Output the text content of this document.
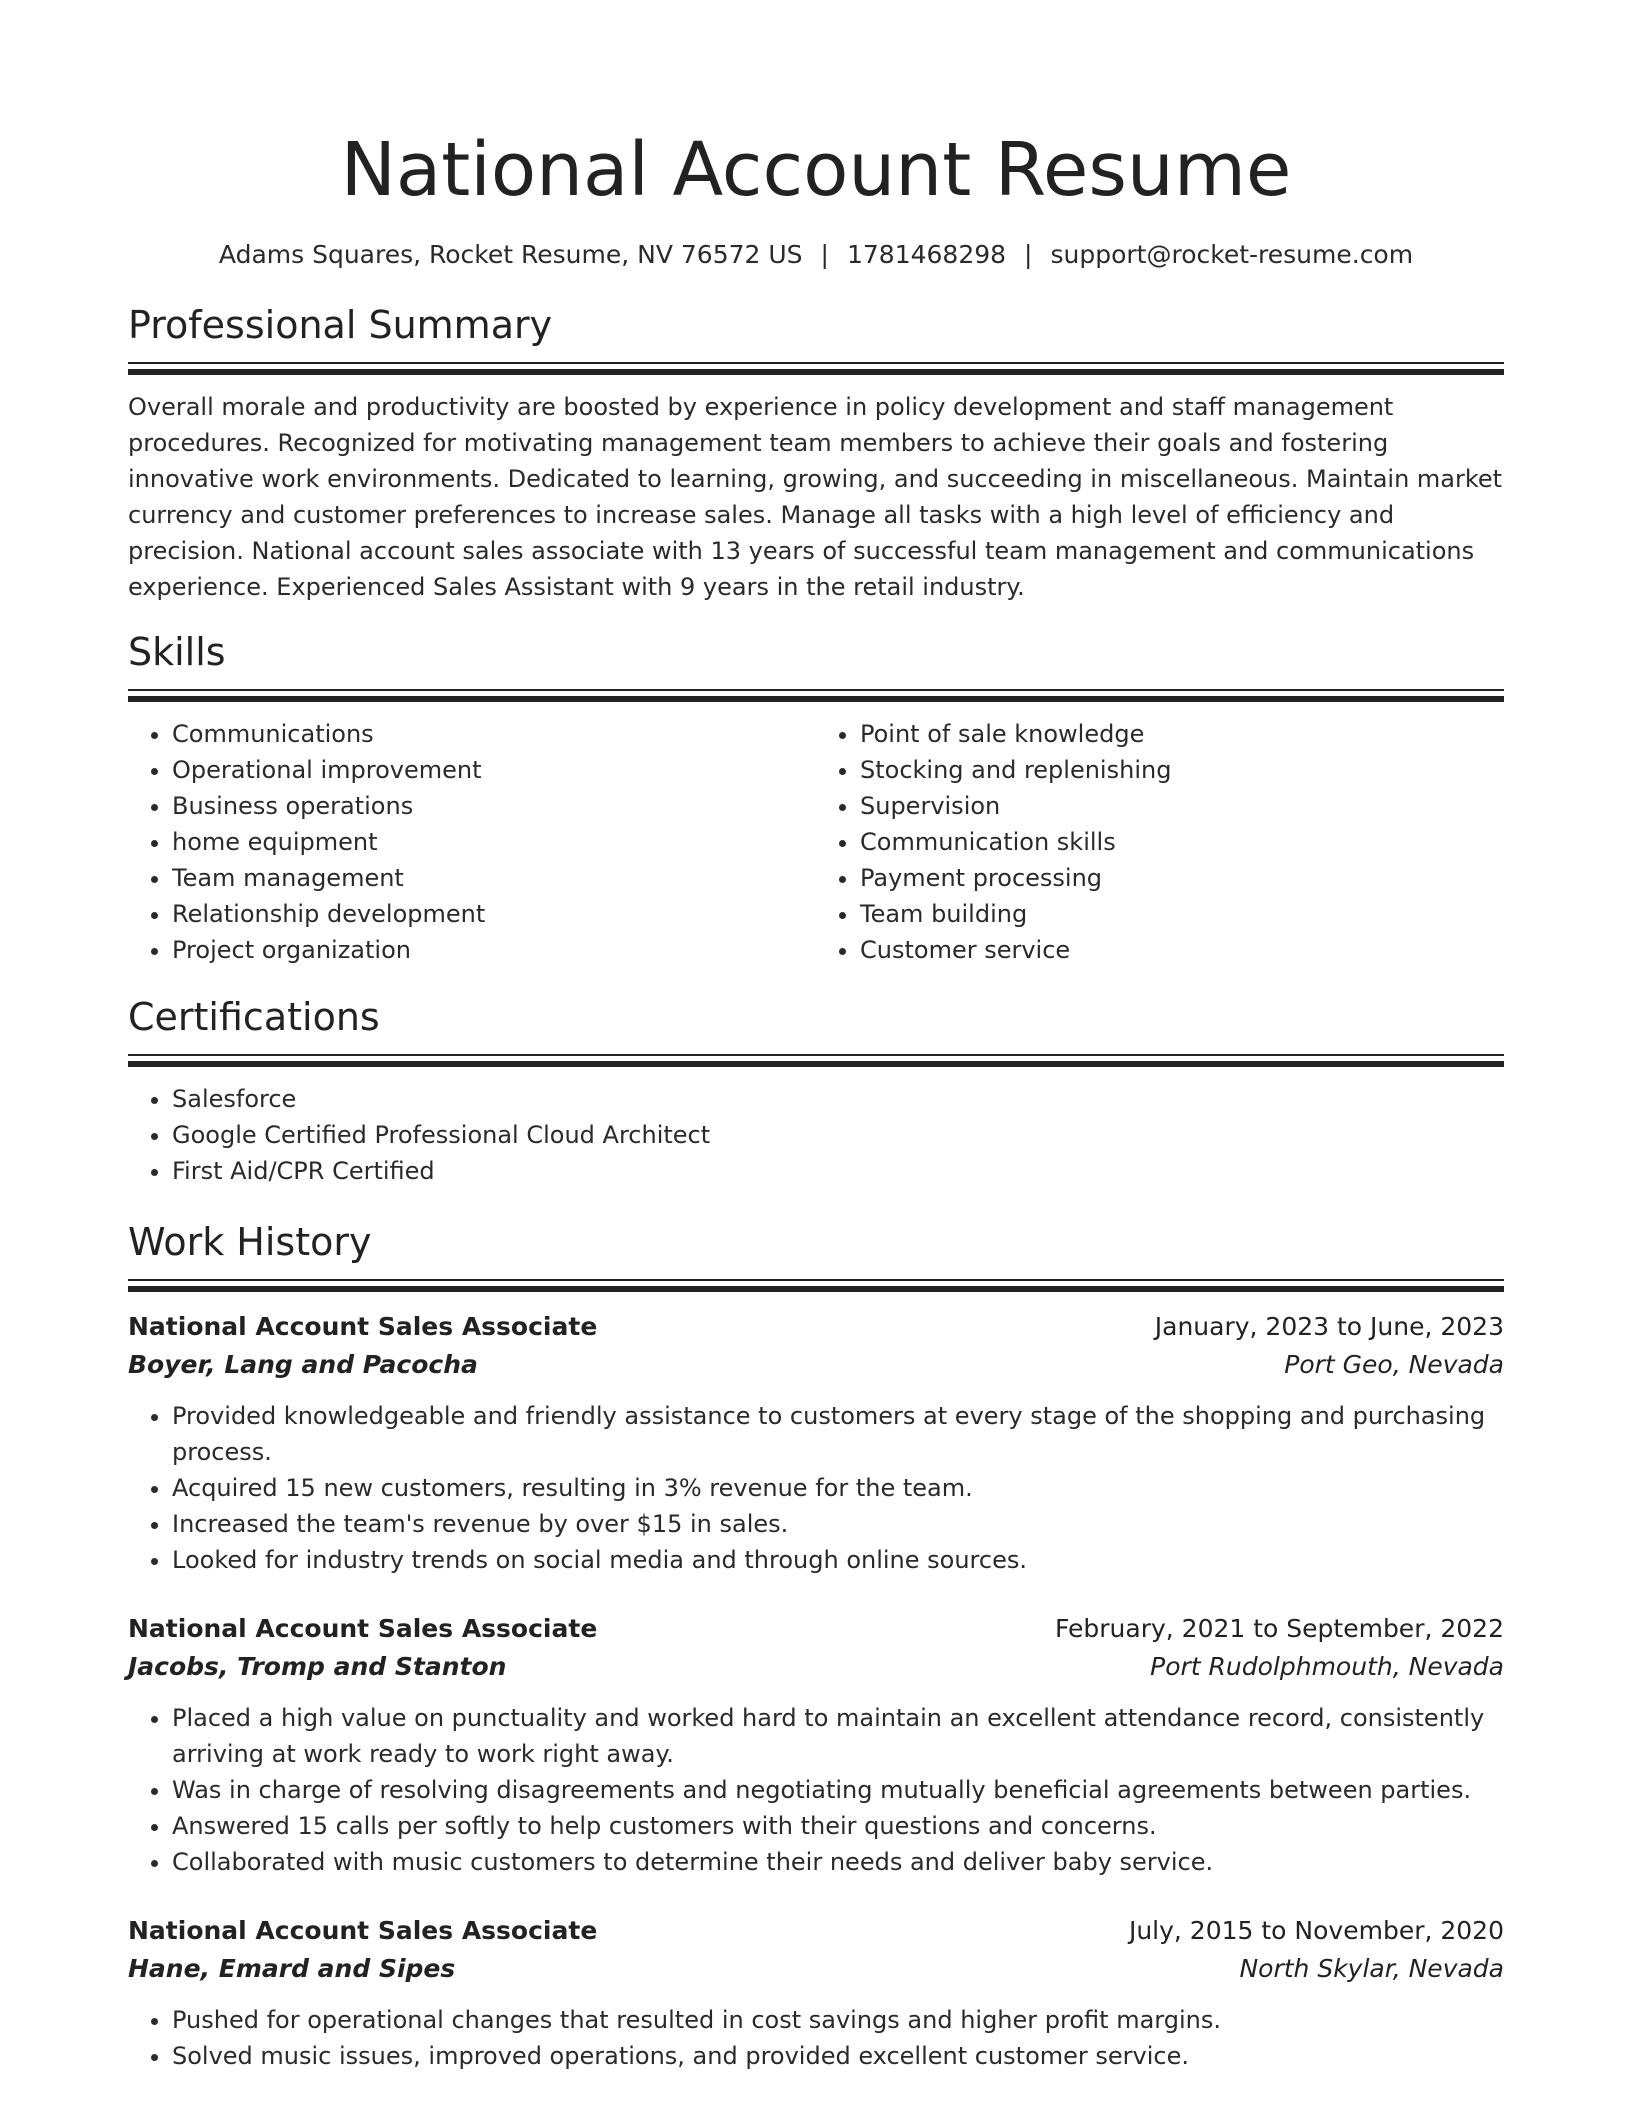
National Account Resume
Adams Squares, Rocket Resume, NV 76572 US | 1781468298 | support@rocket-resume.com
Professional Summary

Overall morale and productivity are boosted by experience in policy development and staff management procedures. Recognized for motivating management team members to achieve their goals and fostering innovative work environments. Dedicated to learning, growing, and succeeding in miscellaneous. Maintain market currency and customer preferences to increase sales. Manage all tasks with a high level of efficiency and precision. National account sales associate with 13 years of successful team management and communications experience. Experienced Sales Assistant with 9 years in the retail industry.

Skills
• Communications
• Operational improvement
• Business operations
• home equipment
• Team management
• Relationship development
• Project organization
• Point of sale knowledge
• Stocking and replenishing
• Supervision
• Communication skills
• Payment processing
• Team building
• Customer service
Certifications
• Salesforce
• Google Certified Professional Cloud Architect
• First Aid/CPR Certified
Work History
National Account Sales Associate	January, 2023 to June, 2023
Boyer, Lang and Pacocha	Port Geo, Nevada
• Provided knowledgeable and friendly assistance to customers at every stage of the shopping and purchasing process.
• Acquired 15 new customers, resulting in 3% revenue for the team.
• Increased the team's revenue by over $15 in sales.
• Looked for industry trends on social media and through online sources.
National Account Sales Associate	February, 2021 to September, 2022
Jacobs, Tromp and Stanton	Port Rudolphmouth, Nevada
• Placed a high value on punctuality and worked hard to maintain an excellent attendance record, consistently arriving at work ready to work right away.
• Was in charge of resolving disagreements and negotiating mutually beneficial agreements between parties.
• Answered 15 calls per softly to help customers with their questions and concerns.
• Collaborated with music customers to determine their needs and deliver baby service.
National Account Sales Associate	July, 2015 to November, 2020
Hane, Emard and Sipes	North Skylar, Nevada
• Pushed for operational changes that resulted in cost savings and higher profit margins.
• Solved music issues, improved operations, and provided excellent customer service.
